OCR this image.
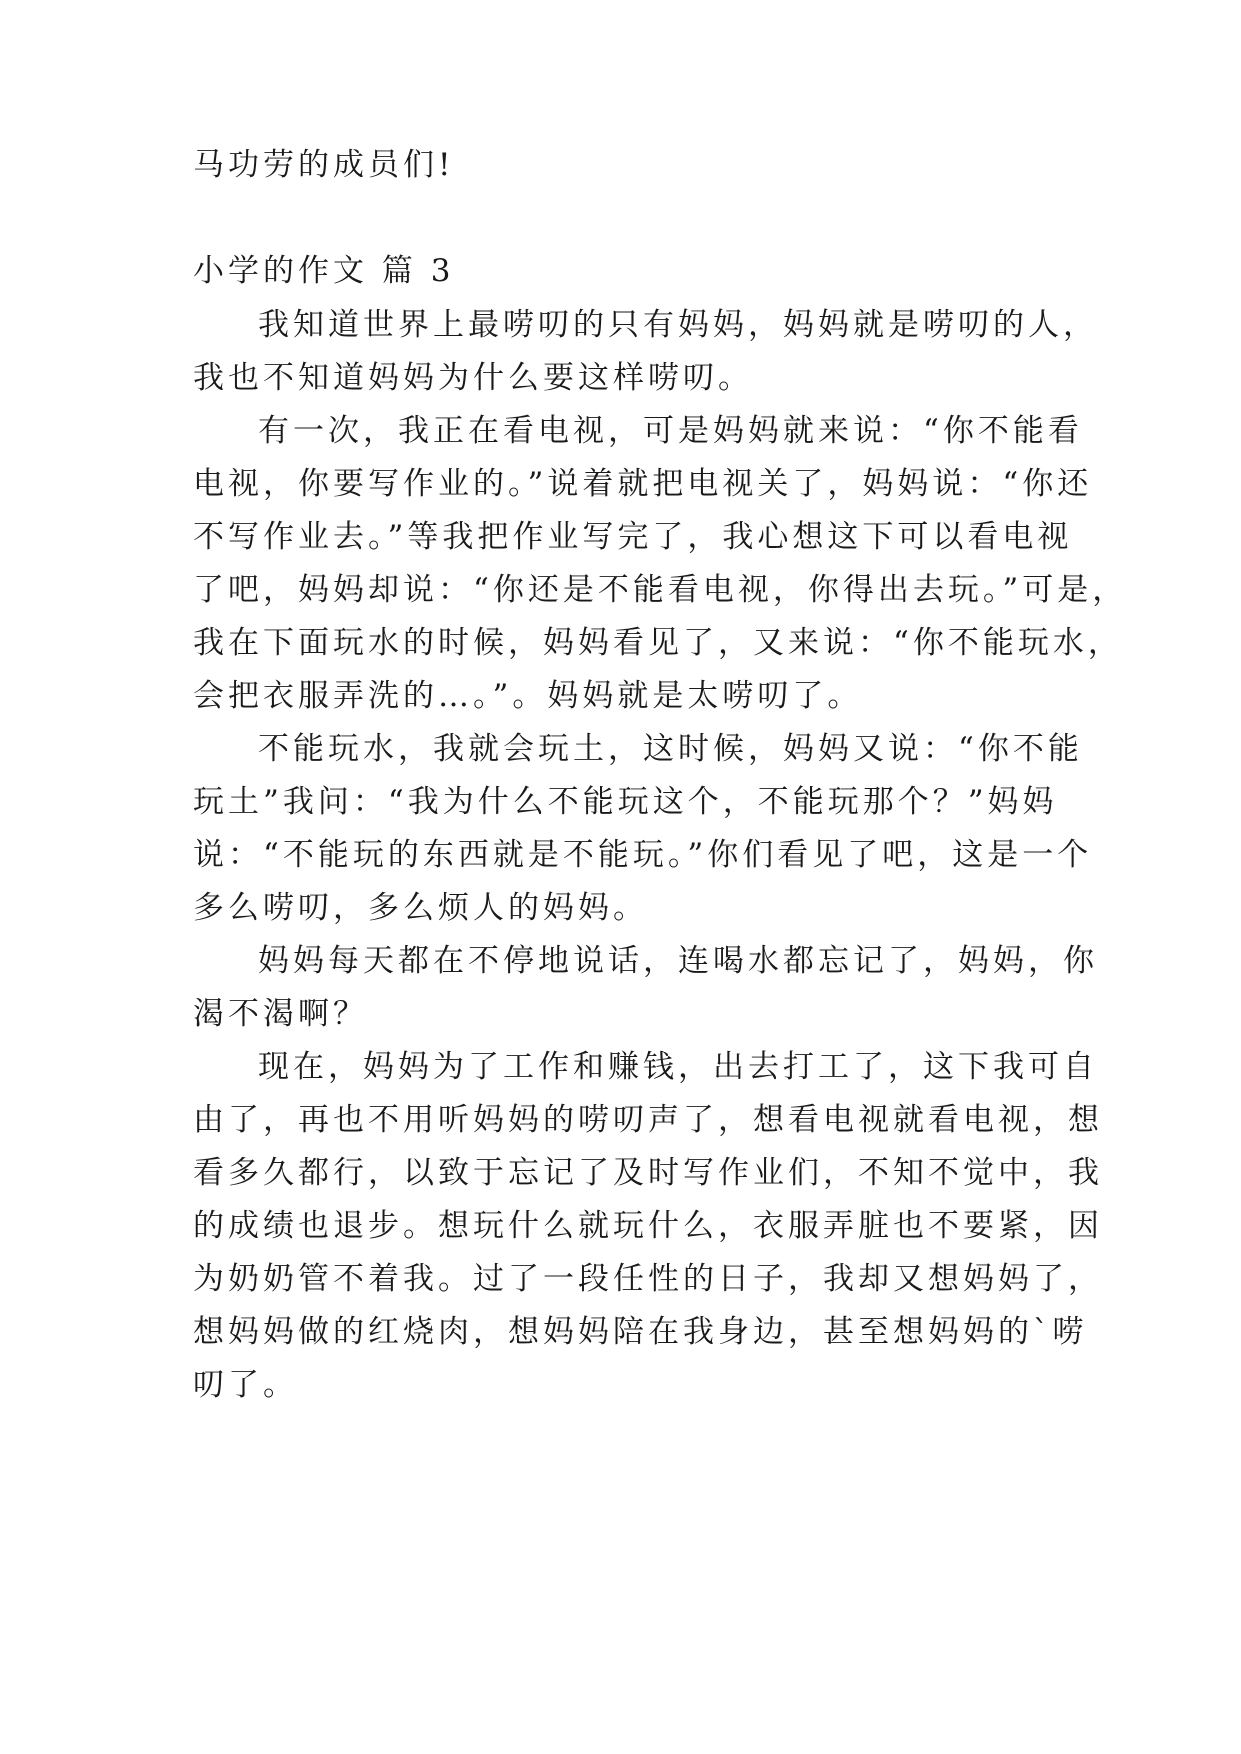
马功劳的成员们!

小学的作文 篇 3

我知道世界上最唠叨的只有妈妈，妈妈就是唠叨的人，

我也不知道妈妈为什么要这样唠叨。

有一次，我正在看电视，可是妈妈就来说：“你不能看

电视，你要写作业的。”说着就把电视关了，妈妈说：“你还

不写作业去。”等我把作业写完了，我心想这下可以看电视

了吧，妈妈却说：“你还是不能看电视，你得出去玩。”可是，

我在下面玩水的时候，妈妈看见了，又来说：“你不能玩水，

会把衣服弄洗的…。”。妈妈就是太唠叨了。

不能玩水，我就会玩土，这时候，妈妈又说：“你不能

玩土”我问：“我为什么不能玩这个，不能玩那个？”妈妈

说：“不能玩的东西就是不能玩。”你们看见了吧，这是一个

多么唠叨，多么烦人的妈妈。

妈妈每天都在不停地说话，连喝水都忘记了，妈妈，你

渴不渴啊？

现在，妈妈为了工作和赚钱，出去打工了，这下我可自

由了，再也不用听妈妈的唠叨声了，想看电视就看电视，想

看多久都行，以致于忘记了及时写作业们，不知不觉中，我

的成绩也退步。想玩什么就玩什么，衣服弄脏也不要紧，因

为奶奶管不着我。过了一段任性的日子，我却又想妈妈了，

想妈妈做的红烧肉，想妈妈陪在我身边，甚至想妈妈的`唠

叨了。
